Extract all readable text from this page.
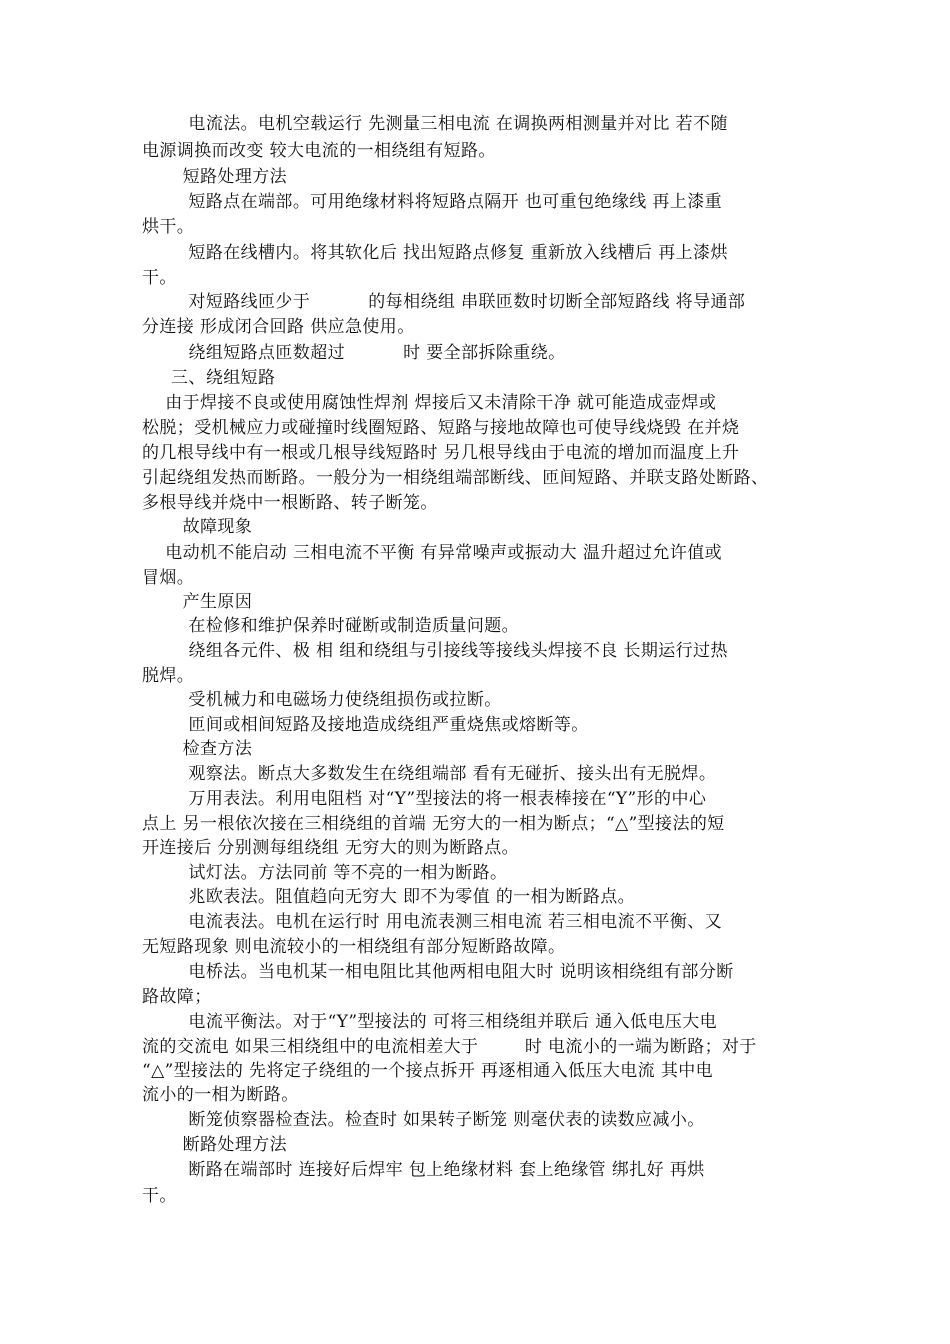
电流法。电机空载运行 先测量三相电流 在调换两相测量并对比 若不随
电源调换而改变 较大电流的一相绕组有短路。
短路处理方法
短路点在端部。可用绝缘材料将短路点隔开 也可重包绝缘线 再上漆重
烘干。
短路在线槽内。将其软化后 找出短路点修复 重新放入线槽后 再上漆烘
干。
对短路线匝少于          的每相绕组 串联匝数时切断全部短路线 将导通部
分连接 形成闭合回路 供应急使用。
绕组短路点匝数超过          时 要全部拆除重绕。
三、绕组短路
由于焊接不良或使用腐蚀性焊剂 焊接后又未清除干净 就可能造成壶焊或
松脱；受机械应力或碰撞时线圈短路、短路与接地故障也可使导线烧毁 在并烧
的几根导线中有一根或几根导线短路时 另几根导线由于电流的增加而温度上升
引起绕组发热而断路。一般分为一相绕组端部断线、匝间短路、并联支路处断路、
多根导线并烧中一根断路、转子断笼。
故障现象
电动机不能启动 三相电流不平衡 有异常噪声或振动大 温升超过允许值或
冒烟。
产生原因
在检修和维护保养时碰断或制造质量问题。
绕组各元件、极 相 组和绕组与引接线等接线头焊接不良 长期运行过热
脱焊。
受机械力和电磁场力使绕组损伤或拉断。
匝间或相间短路及接地造成绕组严重烧焦或熔断等。
检查方法
观察法。断点大多数发生在绕组端部 看有无碰折、接头出有无脱焊。
万用表法。利用电阻档 对“Y”型接法的将一根表棒接在“Y”形的中心
点上 另一根依次接在三相绕组的首端 无穷大的一相为断点；“△”型接法的短
开连接后 分别测每组绕组 无穷大的则为断路点。
试灯法。方法同前 等不亮的一相为断路。
兆欧表法。阻值趋向无穷大 即不为零值 的一相为断路点。
电流表法。电机在运行时 用电流表测三相电流 若三相电流不平衡、又
无短路现象 则电流较小的一相绕组有部分短断路故障。
电桥法。当电机某一相电阻比其他两相电阻大时 说明该相绕组有部分断
路故障；
电流平衡法。对于“Y”型接法的 可将三相绕组并联后 通入低电压大电
流的交流电 如果三相绕组中的电流相差大于        时 电流小的一端为断路；对于
“△”型接法的 先将定子绕组的一个接点拆开 再逐相通入低压大电流 其中电
流小的一相为断路。
断笼侦察器检查法。检查时 如果转子断笼 则毫伏表的读数应减小。
断路处理方法
断路在端部时 连接好后焊牢 包上绝缘材料 套上绝缘管 绑扎好 再烘
干。
